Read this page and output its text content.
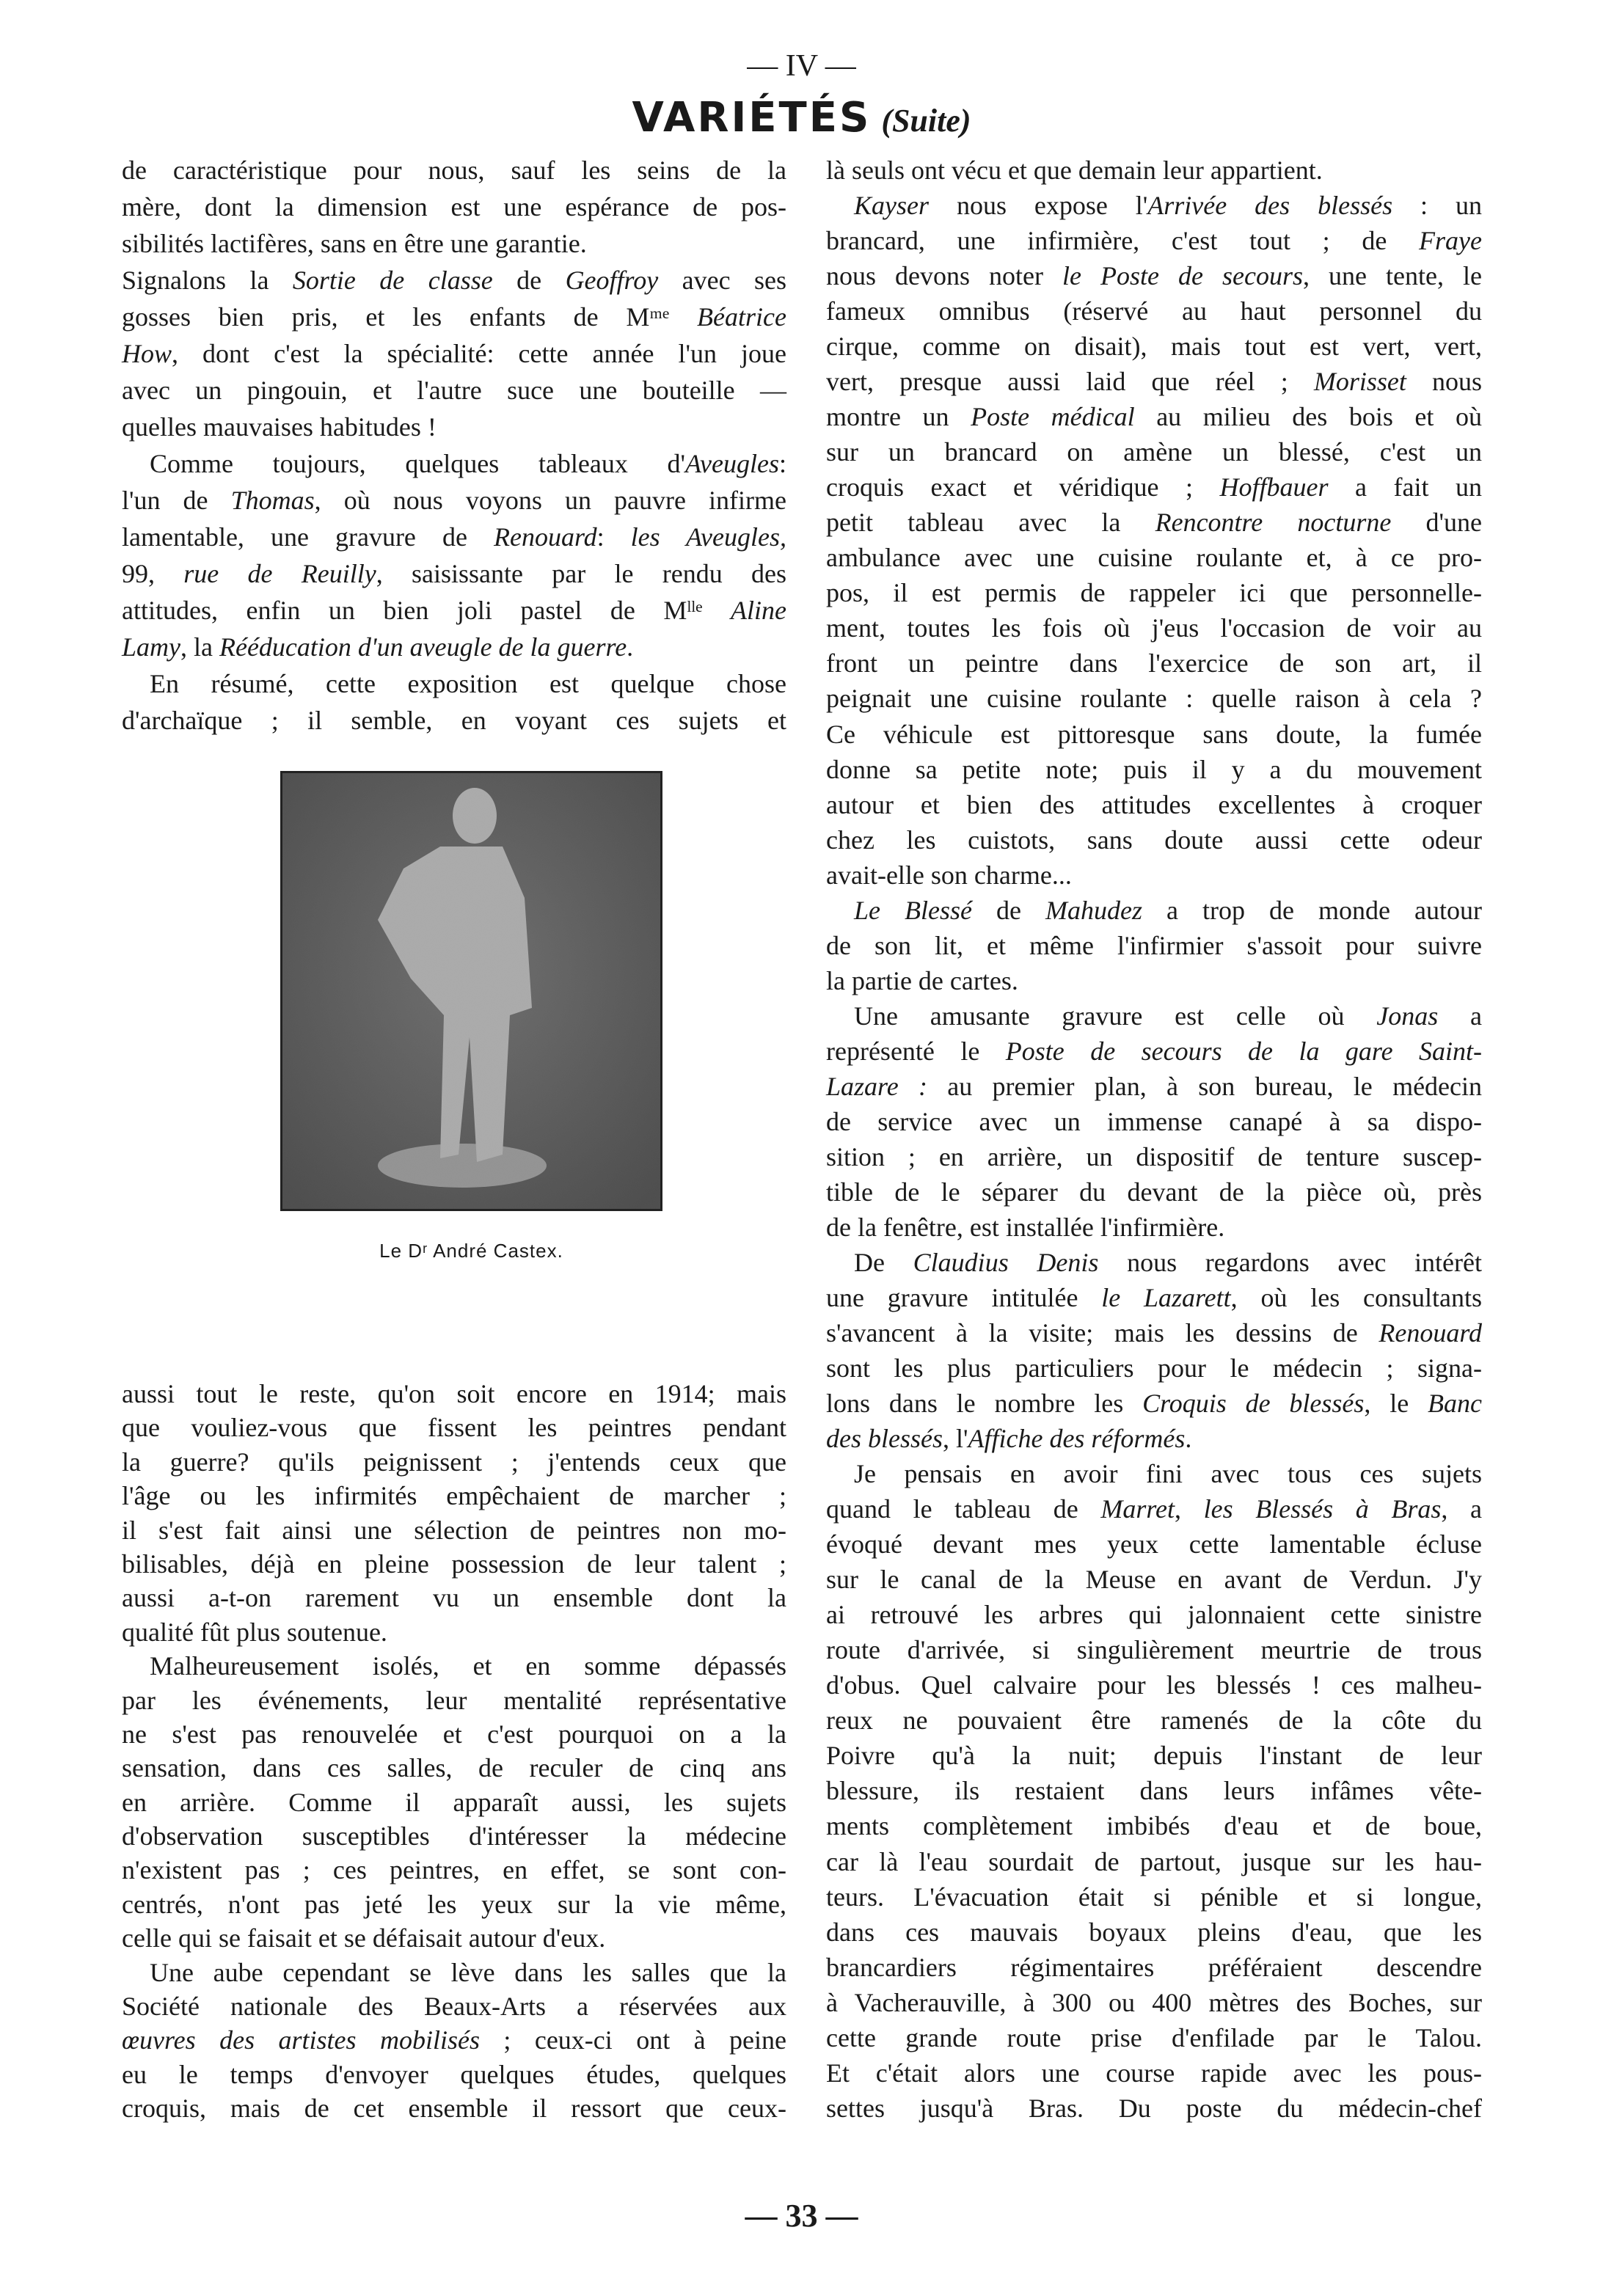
— IV —
VARIÉTÉS (Suite)
de caractéristique pour nous, sauf les seins de la
mère, dont la dimension est une espérance de pos-
sibilités lactifères, sans en être une garantie.
Signalons la Sortie de classe de Geoffroy avec ses
gosses bien pris, et les enfants de Mᵐᵉ Béatrice
How, dont c'est la spécialité: cette année l'un joue
avec un pingouin, et l'autre suce une bouteille —
quelles mauvaises habitudes !
Comme toujours, quelques tableaux d'Aveugles:
l'un de Thomas, où nous voyons un pauvre infirme
lamentable, une gravure de Renouard: les Aveugles,
99, rue de Reuilly, saisissante par le rendu des
attitudes, enfin un bien joli pastel de Mˡˡᵉ Aline
Lamy, la Rééducation d'un aveugle de la guerre.
En résumé, cette exposition est quelque chose
d'archaïque ; il semble, en voyant ces sujets et
Le Dʳ André Castex.
aussi tout le reste, qu'on soit encore en 1914; mais
que vouliez-vous que fissent les peintres pendant
la guerre? qu'ils peignissent ; j'entends ceux que
l'âge ou les infirmités empêchaient de marcher ;
il s'est fait ainsi une sélection de peintres non mo-
bilisables, déjà en pleine possession de leur talent ;
aussi a-t-on rarement vu un ensemble dont la
qualité fût plus soutenue.
Malheureusement isolés, et en somme dépassés
par les événements, leur mentalité représentative
ne s'est pas renouvelée et c'est pourquoi on a la
sensation, dans ces salles, de reculer de cinq ans
en arrière. Comme il apparaît aussi, les sujets
d'observation susceptibles d'intéresser la médecine
n'existent pas ; ces peintres, en effet, se sont con-
centrés, n'ont pas jeté les yeux sur la vie même,
celle qui se faisait et se défaisait autour d'eux.
Une aube cependant se lève dans les salles que la
Société nationale des Beaux-Arts a réservées aux
œuvres des artistes mobilisés ; ceux-ci ont à peine
eu le temps d'envoyer quelques études, quelques
croquis, mais de cet ensemble il ressort que ceux-
là seuls ont vécu et que demain leur appartient.
Kayser nous expose l'Arrivée des blessés : un
brancard, une infirmière, c'est tout ; de Fraye
nous devons noter le Poste de secours, une tente, le
fameux omnibus (réservé au haut personnel du
cirque, comme on disait), mais tout est vert, vert,
vert, presque aussi laid que réel ; Morisset nous
montre un Poste médical au milieu des bois et où
sur un brancard on amène un blessé, c'est un
croquis exact et véridique ; Hoffbauer a fait un
petit tableau avec la Rencontre nocturne d'une
ambulance avec une cuisine roulante et, à ce pro-
pos, il est permis de rappeler ici que personnelle-
ment, toutes les fois où j'eus l'occasion de voir au
front un peintre dans l'exercice de son art, il
peignait une cuisine roulante : quelle raison à cela ?
Ce véhicule est pittoresque sans doute, la fumée
donne sa petite note; puis il y a du mouvement
autour et bien des attitudes excellentes à croquer
chez les cuistots, sans doute aussi cette odeur
avait-elle son charme...
Le Blessé de Mahudez a trop de monde autour
de son lit, et même l'infirmier s'assoit pour suivre
la partie de cartes.
Une amusante gravure est celle où Jonas a
représenté le Poste de secours de la gare Saint-
Lazare : au premier plan, à son bureau, le médecin
de service avec un immense canapé à sa dispo-
sition ; en arrière, un dispositif de tenture suscep-
tible de le séparer du devant de la pièce où, près
de la fenêtre, est installée l'infirmière.
De Claudius Denis nous regardons avec intérêt
une gravure intitulée le Lazarett, où les consultants
s'avancent à la visite; mais les dessins de Renouard
sont les plus particuliers pour le médecin ; signa-
lons dans le nombre les Croquis de blessés, le Banc
des blessés, l'Affiche des réformés.
Je pensais en avoir fini avec tous ces sujets
quand le tableau de Marret, les Blessés à Bras, a
évoqué devant mes yeux cette lamentable écluse
sur le canal de la Meuse en avant de Verdun. J'y
ai retrouvé les arbres qui jalonnaient cette sinistre
route d'arrivée, si singulièrement meurtrie de trous
d'obus. Quel calvaire pour les blessés ! ces malheu-
reux ne pouvaient être ramenés de la côte du
Poivre qu'à la nuit; depuis l'instant de leur
blessure, ils restaient dans leurs infâmes vête-
ments complètement imbibés d'eau et de boue,
car là l'eau sourdait de partout, jusque sur les hau-
teurs. L'évacuation était si pénible et si longue,
dans ces mauvais boyaux pleins d'eau, que les
brancardiers régimentaires préféraient descendre
à Vacherauville, à 300 ou 400 mètres des Boches, sur
cette grande route prise d'enfilade par le Talou.
Et c'était alors une course rapide avec les pous-
settes jusqu'à Bras. Du poste du médecin-chef
— 33 —
